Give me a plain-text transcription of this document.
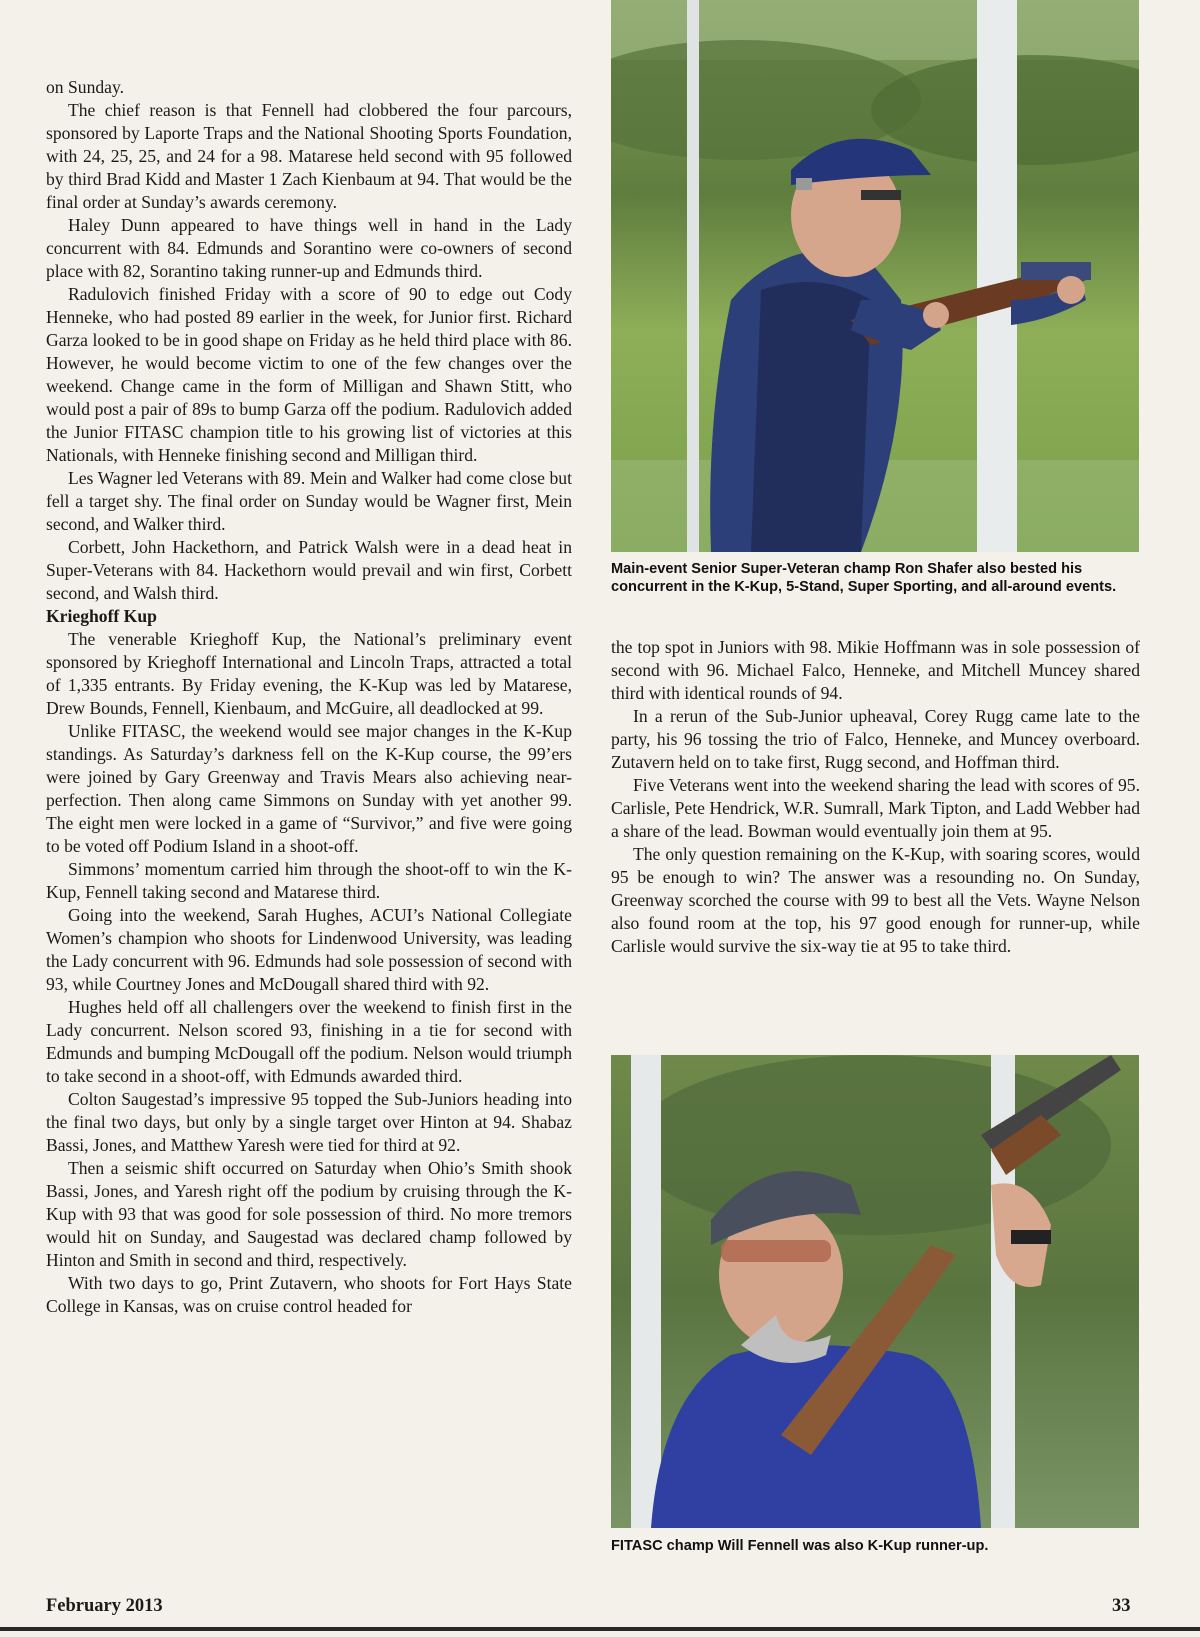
on Sunday.

The chief reason is that Fennell had clobbered the four parcours, sponsored by Laporte Traps and the National Shooting Sports Foundation, with 24, 25, 25, and 24 for a 98. Matarese held second with 95 followed by third Brad Kidd and Master 1 Zach Kienbaum at 94. That would be the final order at Sunday’s awards ceremony.

Haley Dunn appeared to have things well in hand in the Lady concurrent with 84. Edmunds and Sorantino were co-owners of second place with 82, Sorantino taking runner-up and Edmunds third.

Radulovich finished Friday with a score of 90 to edge out Cody Henneke, who had posted 89 earlier in the week, for Junior first. Richard Garza looked to be in good shape on Friday as he held third place with 86. However, he would become victim to one of the few changes over the weekend. Change came in the form of Milligan and Shawn Stitt, who would post a pair of 89s to bump Garza off the podium. Radulovich added the Junior FITASC champion title to his growing list of victories at this Nationals, with Henneke finishing second and Milligan third.

Les Wagner led Veterans with 89. Mein and Walker had come close but fell a target shy. The final order on Sunday would be Wagner first, Mein second, and Walker third.

Corbett, John Hackethorn, and Patrick Walsh were in a dead heat in Super-Veterans with 84. Hackethorn would prevail and win first, Corbett second, and Walsh third.

Krieghoff Kup

The venerable Krieghoff Kup, the National’s preliminary event sponsored by Krieghoff International and Lincoln Traps, attracted a total of 1,335 entrants. By Friday evening, the K-Kup was led by Matarese, Drew Bounds, Fennell, Kienbaum, and McGuire, all deadlocked at 99.

Unlike FITASC, the weekend would see major changes in the K-Kup standings. As Saturday’s darkness fell on the K-Kup course, the 99’ers were joined by Gary Greenway and Travis Mears also achieving near-perfection. Then along came Simmons on Sunday with yet another 99. The eight men were locked in a game of “Survivor,” and five were going to be voted off Podium Island in a shoot-off.

Simmons’ momentum carried him through the shoot-off to win the K-Kup, Fennell taking second and Matarese third.

Going into the weekend, Sarah Hughes, ACUI’s National Collegiate Women’s champion who shoots for Lindenwood University, was leading the Lady concurrent with 96. Edmunds had sole possession of second with 93, while Courtney Jones and McDougall shared third with 92.

Hughes held off all challengers over the weekend to finish first in the Lady concurrent. Nelson scored 93, finishing in a tie for second with Edmunds and bumping McDougall off the podium. Nelson would triumph to take second in a shoot-off, with Edmunds awarded third.

Colton Saugestad’s impressive 95 topped the Sub-Juniors heading into the final two days, but only by a single target over Hinton at 94. Shabaz Bassi, Jones, and Matthew Yaresh were tied for third at 92.

Then a seismic shift occurred on Saturday when Ohio’s Smith shook Bassi, Jones, and Yaresh right off the podium by cruising through the K-Kup with 93 that was good for sole possession of third. No more tremors would hit on Sunday, and Saugestad was declared champ followed by Hinton and Smith in second and third, respectively.

With two days to go, Print Zutavern, who shoots for Fort Hays State College in Kansas, was on cruise control headed for

Main-event Senior Super-Veteran champ Ron Shafer also bested his concurrent in the K-Kup, 5-Stand, Super Sporting, and all-around events.

the top spot in Juniors with 98. Mikie Hoffmann was in sole possession of second with 96. Michael Falco, Henneke, and Mitchell Muncey shared third with identical rounds of 94.

In a rerun of the Sub-Junior upheaval, Corey Rugg came late to the party, his 96 tossing the trio of Falco, Henneke, and Muncey overboard. Zutavern held on to take first, Rugg second, and Hoffman third.

Five Veterans went into the weekend sharing the lead with scores of 95. Carlisle, Pete Hendrick, W.R. Sumrall, Mark Tipton, and Ladd Webber had a share of the lead. Bowman would eventually join them at 95.

The only question remaining on the K-Kup, with soaring scores, would 95 be enough to win? The answer was a resounding no. On Sunday, Greenway scorched the course with 99 to best all the Vets. Wayne Nelson also found room at the top, his 97 good enough for runner-up, while Carlisle would survive the six-way tie at 95 to take third.

FITASC champ Will Fennell was also K-Kup runner-up.
February 2013	33
